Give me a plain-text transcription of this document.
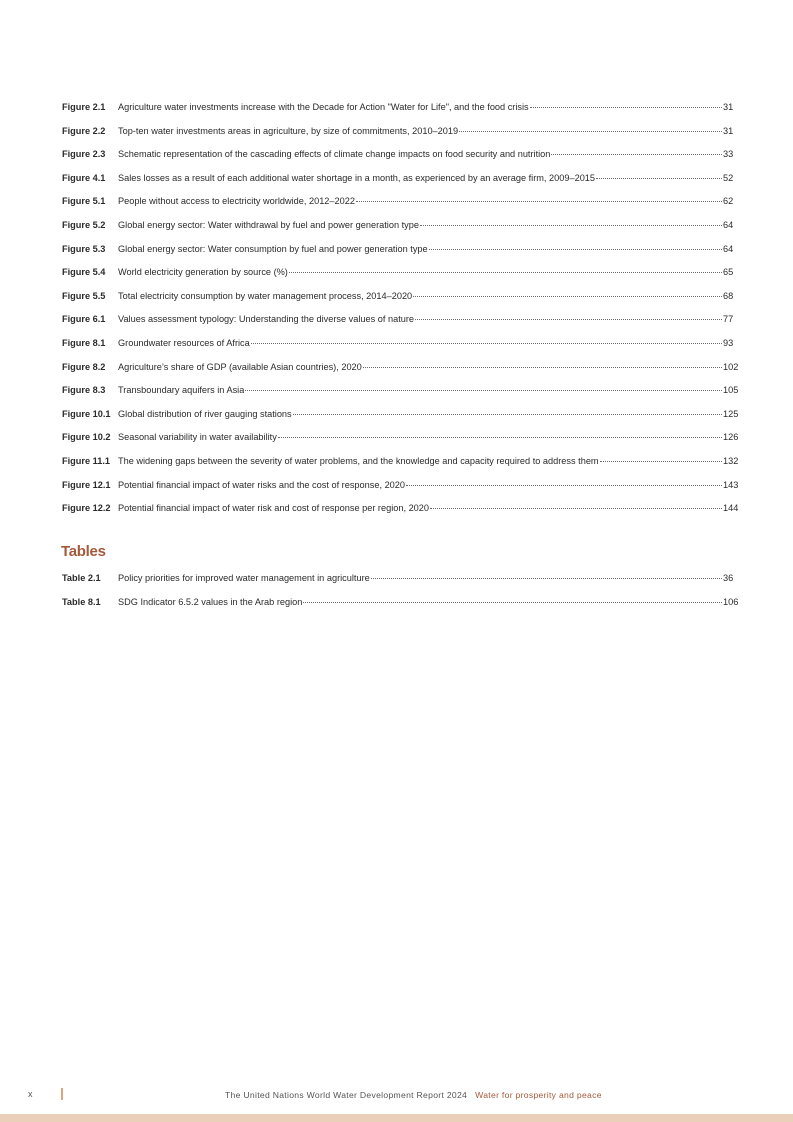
Figure 2.1	Agriculture water investments increase with the Decade for Action "Water for Life", and the food crisis	31
Figure 2.2	Top-ten water investments areas in agriculture, by size of commitments, 2010–2019	31
Figure 2.3	Schematic representation of the cascading effects of climate change impacts on food security and nutrition	33
Figure 4.1	Sales losses as a result of each additional water shortage in a month, as experienced by an average firm, 2009–2015	52
Figure 5.1	People without access to electricity worldwide, 2012–2022	62
Figure 5.2	Global energy sector: Water withdrawal by fuel and power generation type	64
Figure 5.3	Global energy sector: Water consumption by fuel and power generation type	64
Figure 5.4	World electricity generation by source (%)	65
Figure 5.5	Total electricity consumption by water management process, 2014–2020	68
Figure 6.1	Values assessment typology: Understanding the diverse values of nature	77
Figure 8.1	Groundwater resources of Africa	93
Figure 8.2	Agriculture’s share of GDP (available Asian countries), 2020	102
Figure 8.3	Transboundary aquifers in Asia	105
Figure 10.1 Global distribution of river gauging stations	125
Figure 10.2 Seasonal variability in water availability	126
Figure 11.1 The widening gaps between the severity of water problems, and the knowledge and capacity required to address them	132
Figure 12.1 Potential financial impact of water risks and the cost of response, 2020	143
Figure 12.2 Potential financial impact of water risk and cost of response per region, 2020	144
Tables
Table 2.1	Policy priorities for improved water management in agriculture	36
Table 8.1	SDG Indicator 6.5.2 values in the Arab region	106
x	The United Nations World Water Development Report 2024 Water for prosperity and peace
